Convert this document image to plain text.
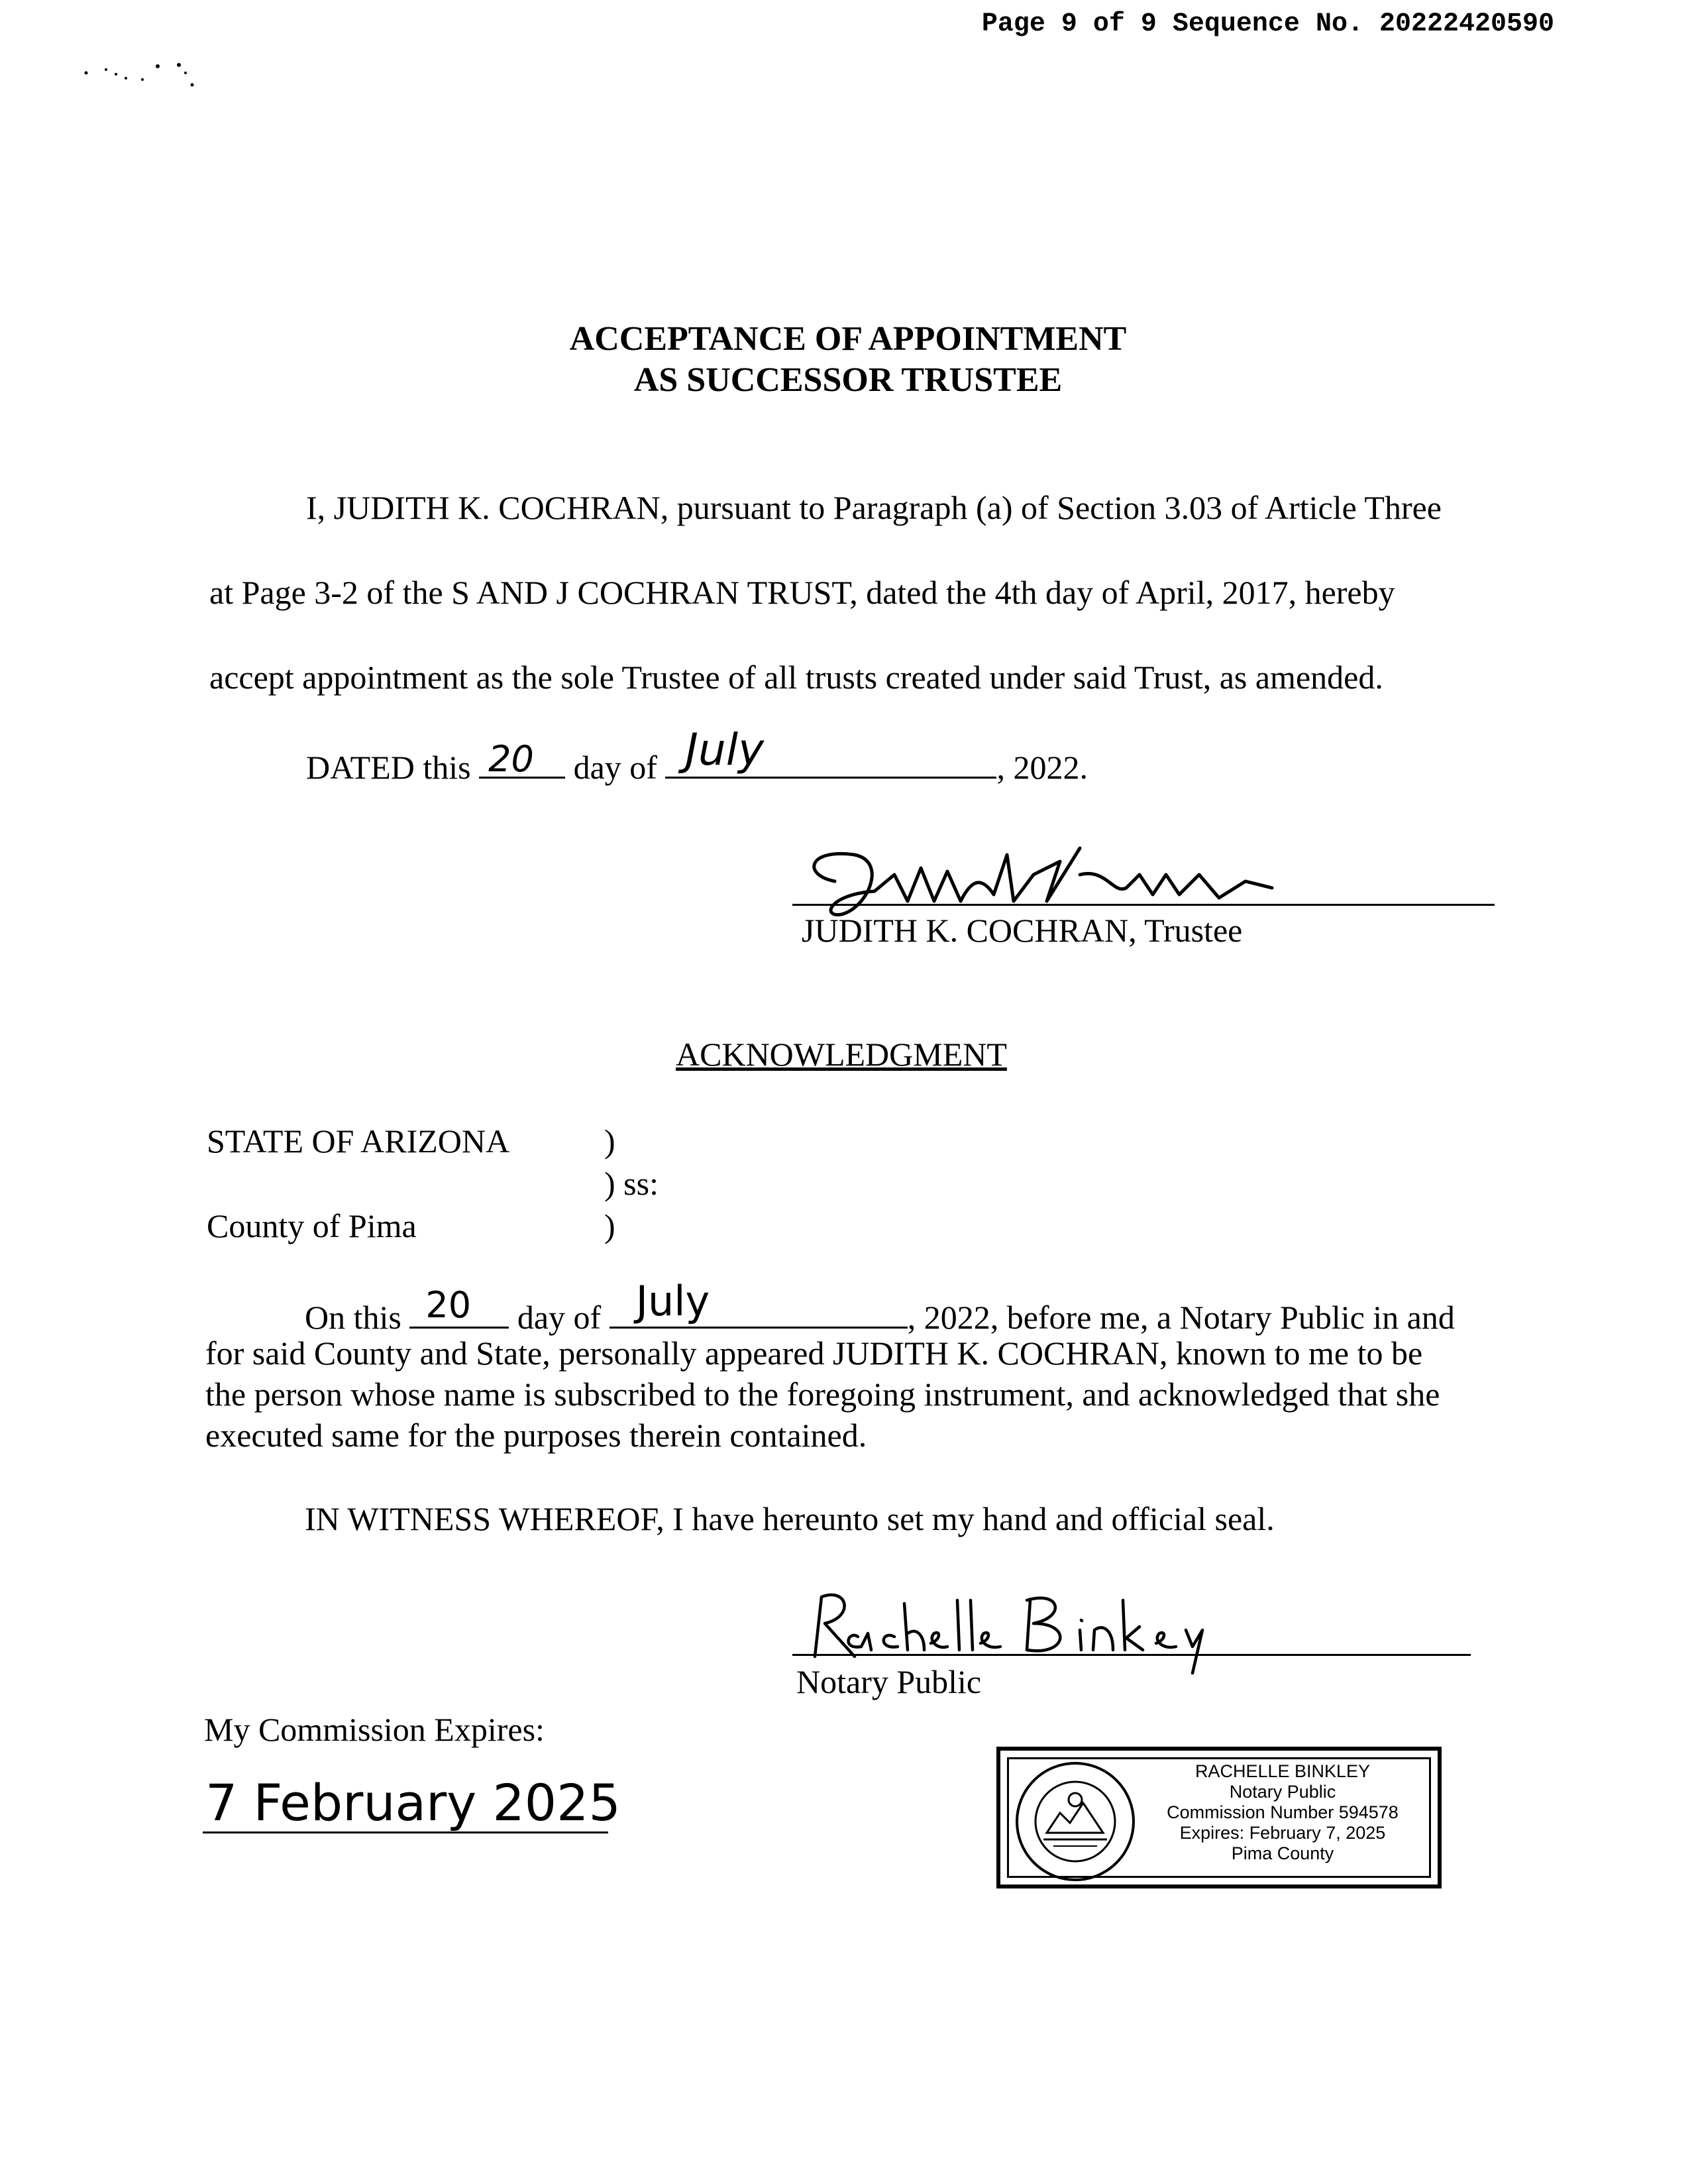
Page 9 of 9 Sequence No. 20222420590
ACCEPTANCE OF APPOINTMENT
AS SUCCESSOR TRUSTEE
I, JUDITH K. COCHRAN, pursuant to Paragraph (a) of Section 3.03 of Article Three
at Page 3-2 of the S AND J COCHRAN TRUST, dated the 4th day of April, 2017, hereby
accept appointment as the sole Trustee of all trusts created under said Trust, as amended.
DATED this 20 day of July	, 2022.
JUDITH K. COCHRAN, Trustee
ACKNOWLEDGMENT
STATE OF ARIZONA	)
) ss:
County of Pima	)
On this 20 day of July	, 2022, before me, a Notary Public in and
for said County and State, personally appeared JUDITH K. COCHRAN, known to me to be
the person whose name is subscribed to the foregoing instrument, and acknowledged that she
executed same for the purposes therein contained.
IN WITNESS WHEREOF, I have hereunto set my hand and official seal.
Notary Public
My Commission Expires:
7 February 2025
RACHELLE BINKLEY
Notary Public
Commission Number 594578
Expires: February 7, 2025
Pima County
